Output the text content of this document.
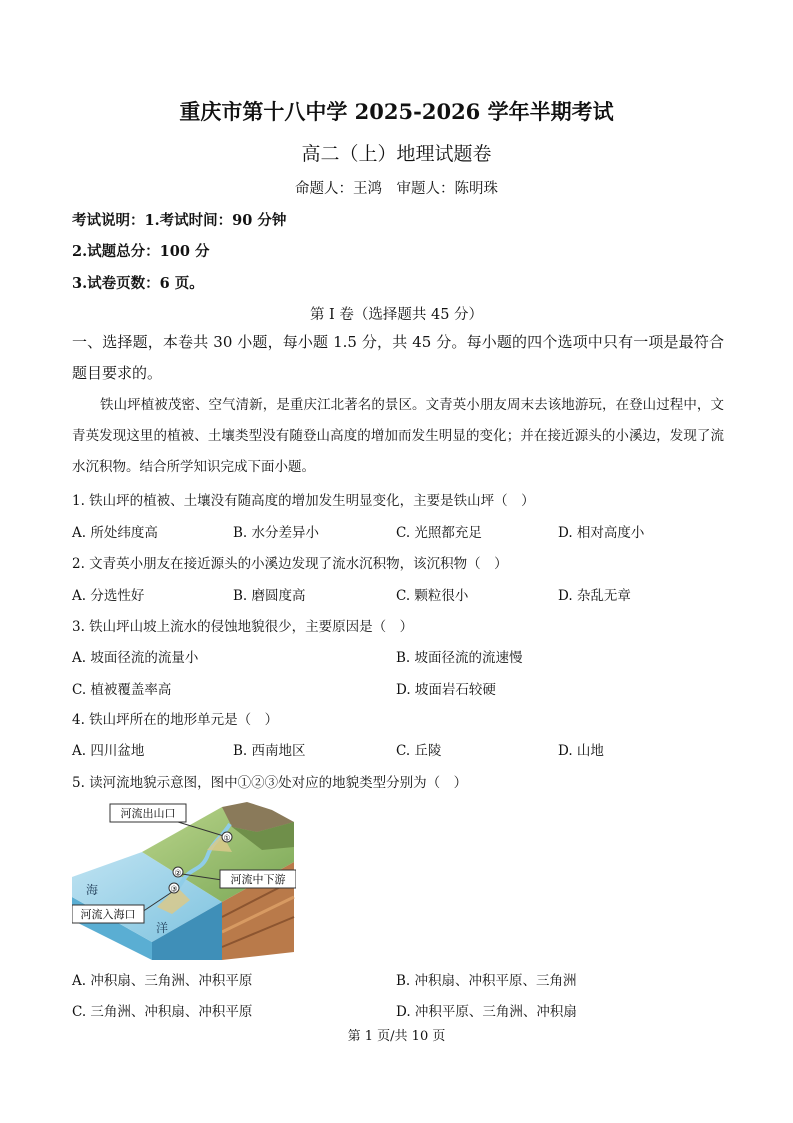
重庆市第十八中学 2025-2026 学年半期考试
高二（上）地理试题卷
命题人：王鸿　审题人：陈明珠
考试说明：1.考试时间：90 分钟
2.试题总分：100 分
3.试卷页数：6 页。
第 I 卷（选择题共 45 分）
一、选择题，本卷共 30 小题，每小题 1.5 分，共 45 分。每小题的四个选项中只有一项是最符合题目要求的。
铁山坪植被茂密、空气清新，是重庆江北著名的景区。文青英小朋友周末去该地游玩，在登山过程中，文青英发现这里的植被、土壤类型没有随登山高度的增加而发生明显的变化；并在接近源头的小溪边，发现了流水沉积物。结合所学知识完成下面小题。
1. 铁山坪的植被、土壤没有随高度的增加发生明显变化，主要是铁山坪（　）
A. 所处纬度高	B. 水分差异小	C. 光照都充足	D. 相对高度小
2. 文青英小朋友在接近源头的小溪边发现了流水沉积物，该沉积物（　）
A. 分选性好	B. 磨圆度高	C. 颗粒很小	D. 杂乱无章
3. 铁山坪山坡上流水的侵蚀地貌很少，主要原因是（　）
A. 坡面径流的流量小	B. 坡面径流的流速慢
C. 植被覆盖率高	D. 坡面岩石较硬
4. 铁山坪所在的地形单元是（　）
A. 四川盆地	B. 西南地区	C. 丘陵	D. 山地
5. 读河流地貌示意图，图中①②③处对应的地貌类型分别为（　）
①
②
③
河流出山口
河流中下游
河流入海口
海
洋
A. 冲积扇、三角洲、冲积平原	B. 冲积扇、冲积平原、三角洲
C. 三角洲、冲积扇、冲积平原	D. 冲积平原、三角洲、冲积扇
第 1 页/共 10 页
